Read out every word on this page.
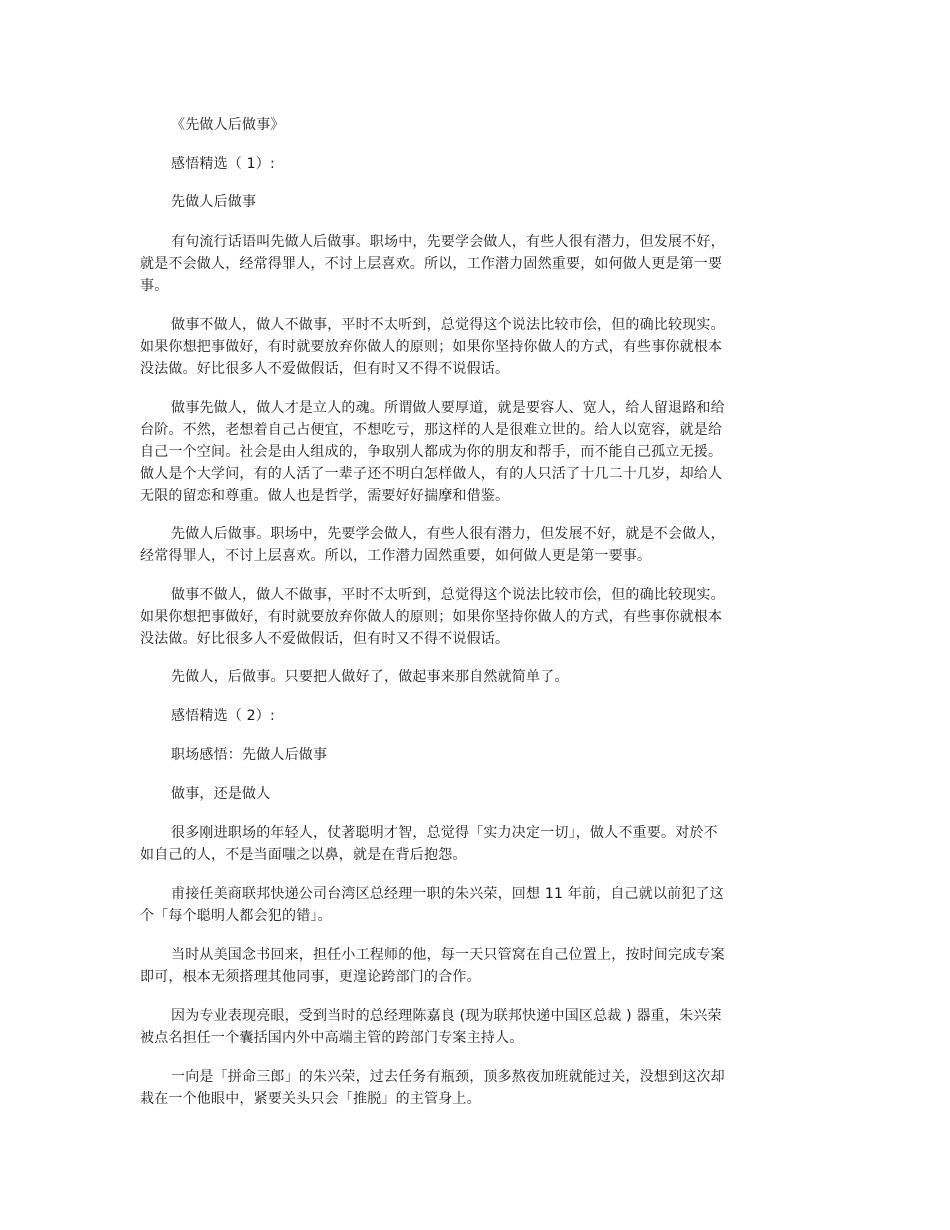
《先做人后做事》
感悟精选（ 1）:
先做人后做事
有句流行话语叫先做人后做事。职场中，先要学会做人，有些人很有潜力，但发展不好，
就是不会做人，经常得罪人，不讨上层喜欢。所以，工作潜力固然重要，如何做人更是第一要
事。
做事不做人，做人不做事，平时不太听到，总觉得这个说法比较市侩，但的确比较现实。
如果你想把事做好，有时就要放弃你做人的原则；如果你坚持你做人的方式，有些事你就根本
没法做。好比很多人不爱做假话，但有时又不得不说假话。
做事先做人，做人才是立人的魂。所谓做人要厚道，就是要容人、宽人，给人留退路和给
台阶。不然，老想着自己占便宜，不想吃亏，那这样的人是很难立世的。给人以宽容，就是给
自己一个空间。社会是由人组成的，争取别人都成为你的朋友和帮手，而不能自己孤立无援。
做人是个大学问，有的人活了一辈子还不明白怎样做人，有的人只活了十几二十几岁，却给人
无限的留恋和尊重。做人也是哲学，需要好好揣摩和借鉴。
先做人后做事。职场中，先要学会做人，有些人很有潜力，但发展不好，就是不会做人，
经常得罪人，不讨上层喜欢。所以，工作潜力固然重要，如何做人更是第一要事。
做事不做人，做人不做事，平时不太听到，总觉得这个说法比较市侩，但的确比较现实。
如果你想把事做好，有时就要放弃你做人的原则；如果你坚持你做人的方式，有些事你就根本
没法做。好比很多人不爱做假话，但有时又不得不说假话。
先做人，后做事。只要把人做好了，做起事来那自然就简单了。
感悟精选（ 2）:
职场感悟：先做人后做事
做事，还是做人
很多刚进职场的年轻人，仗著聪明才智，总觉得「实力决定一切」，做人不重要。对於不
如自己的人，不是当面嗤之以鼻，就是在背后抱怨。
甫接任美商联邦快递公司台湾区总经理一职的朱兴荣，回想 11 年前，自己就以前犯了这
个「每个聪明人都会犯的错」。
当时从美国念书回来，担任小工程师的他，每一天只管窝在自己位置上，按时间完成专案
即可，根本无须搭理其他同事，更遑论跨部门的合作。
因为专业表现亮眼，受到当时的总经理陈嘉良 (现为联邦快递中国区总裁 ) 器重，朱兴荣
被点名担任一个囊括国内外中高端主管的跨部门专案主持人。
一向是「拼命三郎」的朱兴荣，过去任务有瓶颈，顶多熬夜加班就能过关，没想到这次却
栽在一个他眼中，紧要关头只会「推脱」的主管身上。
